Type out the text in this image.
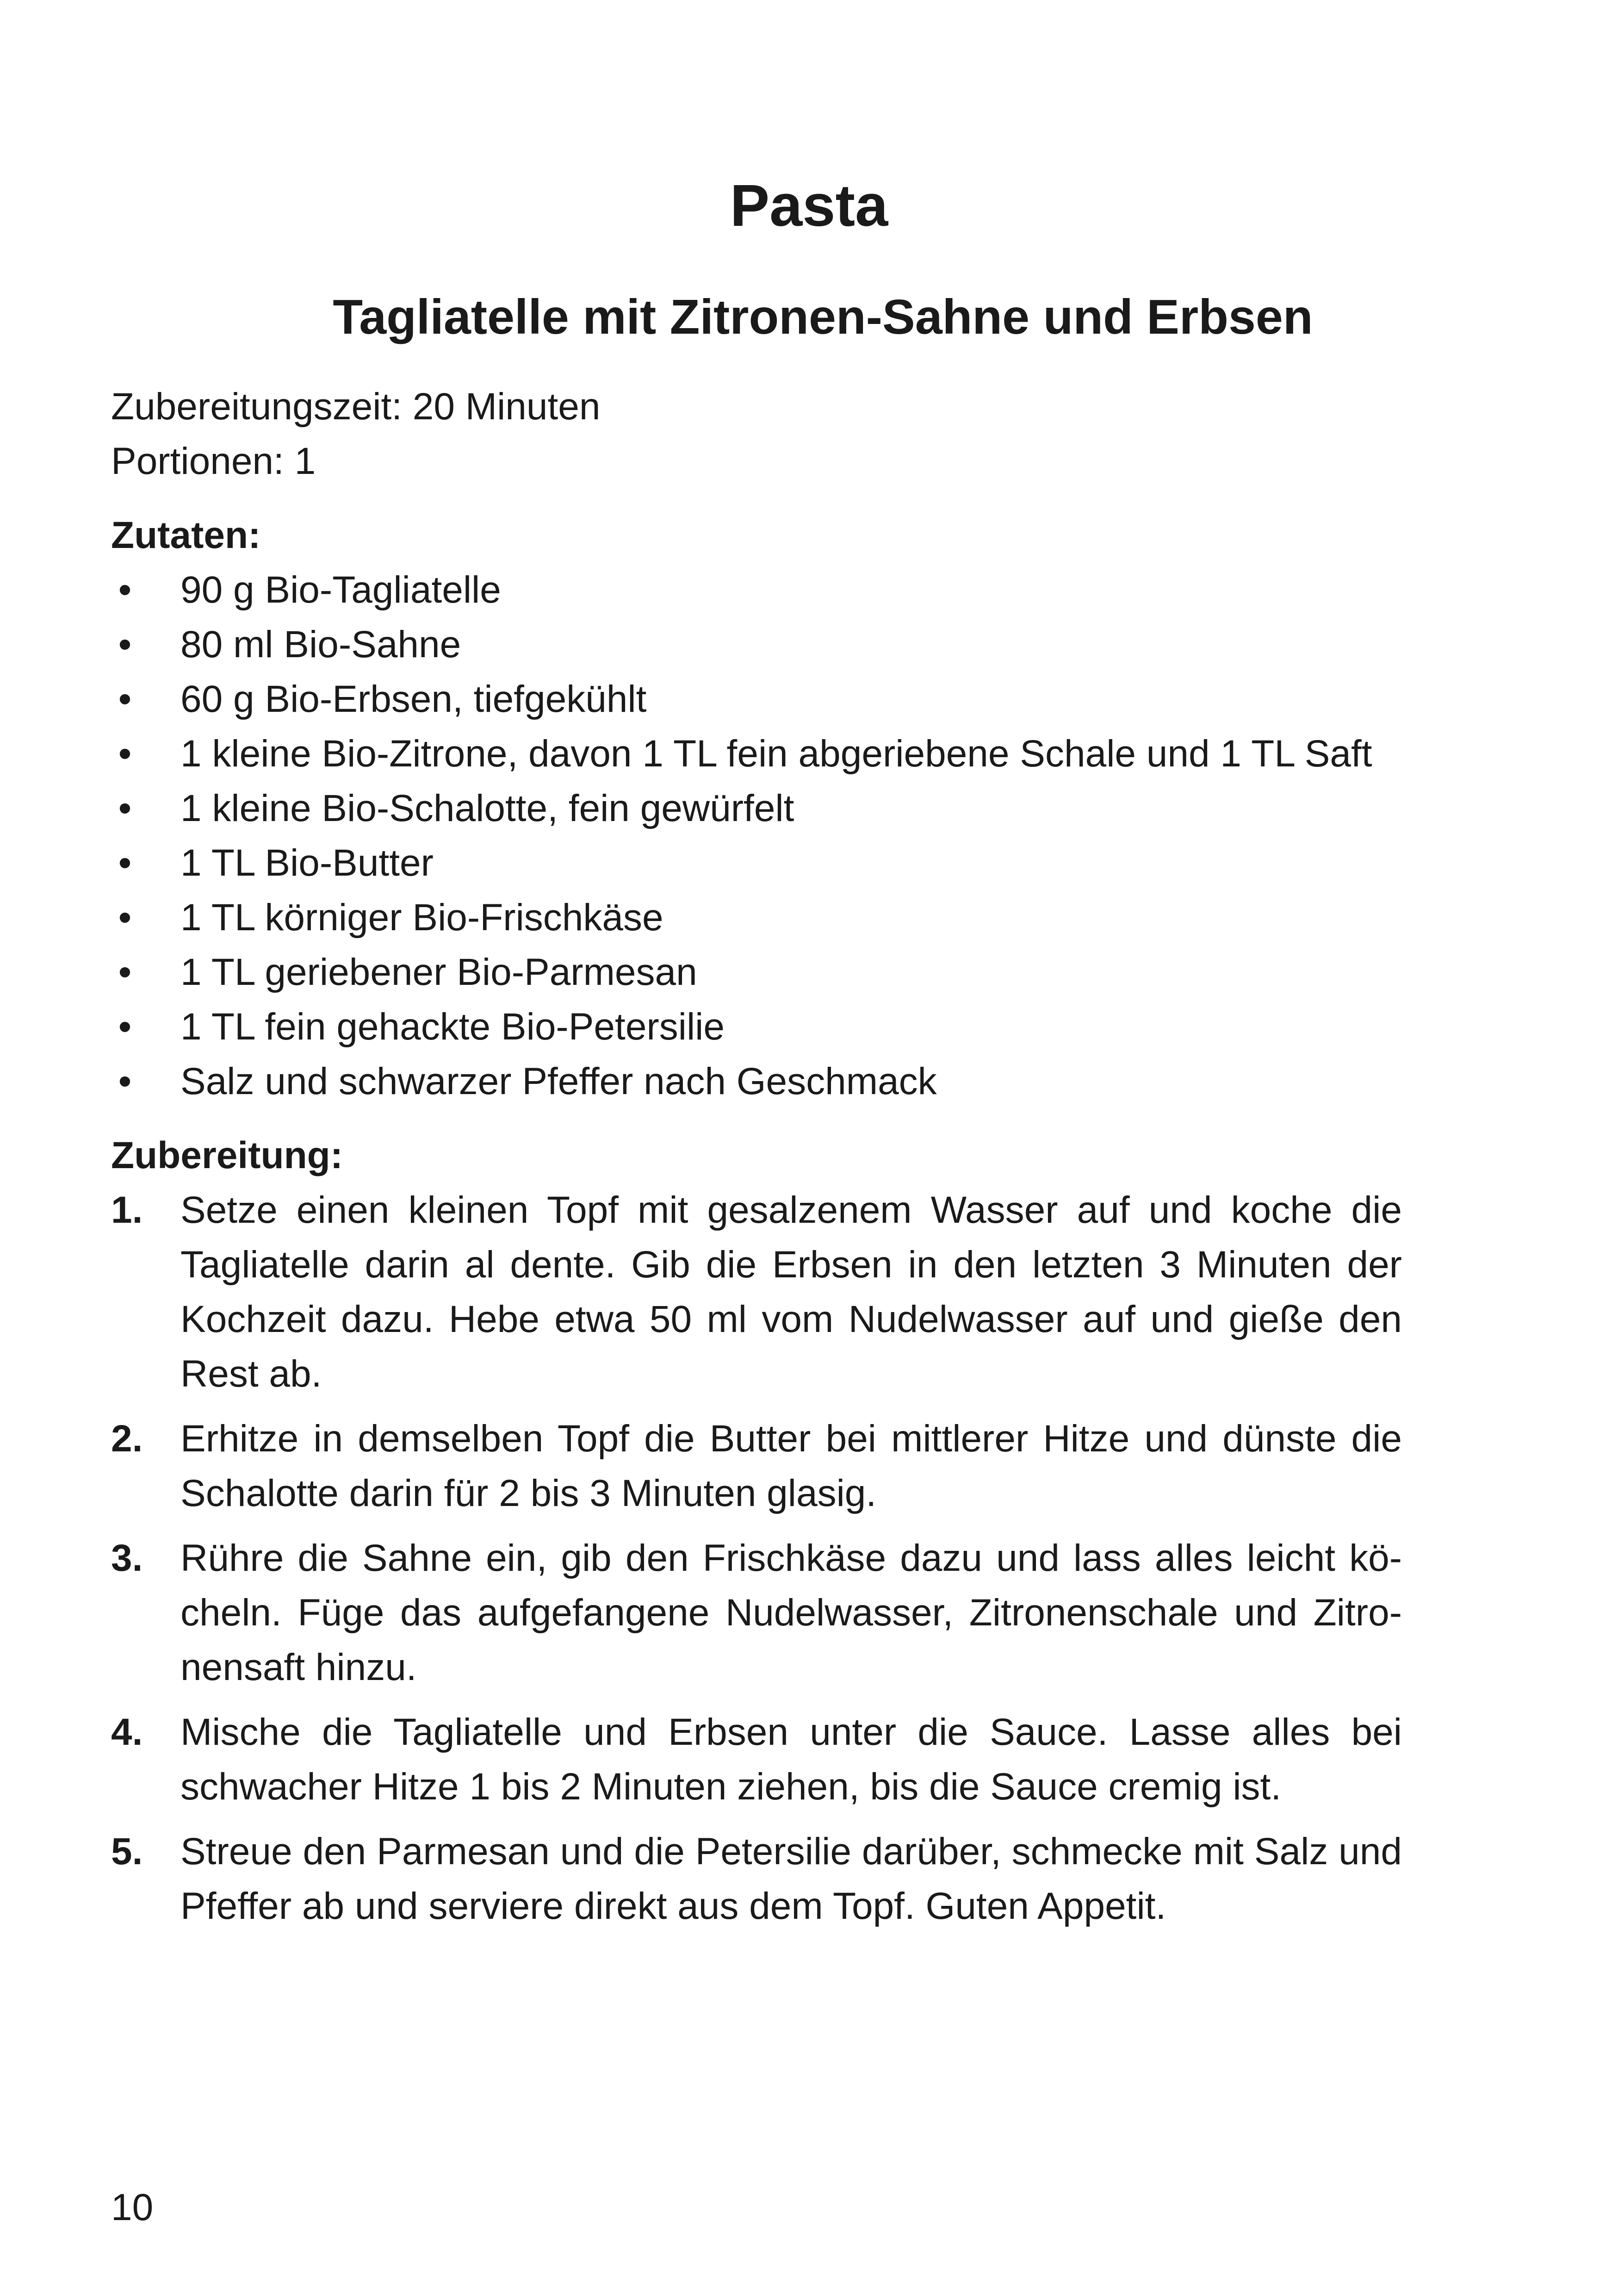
Pasta
Tagliatelle mit Zitronen-Sahne und Erbsen

Zubereitungszeit: 20 Minuten

Portionen: 1

Zutaten:

• 90 g Bio-Tagliatelle
• 80 ml Bio-Sahne
• 60 g Bio-Erbsen, tiefgekühlt
• 1 kleine Bio-Zitrone, davon 1 TL fein abgeriebene Schale und 1 TL Saft
• 1 kleine Bio-Schalotte, fein gewürfelt
• 1 TL Bio-Butter
• 1 TL körniger Bio-Frischkäse
• 1 TL geriebener Bio-Parmesan
• 1 TL fein gehackte Bio-Petersilie
• Salz und schwarzer Pfeffer nach Geschmack

Zubereitung:

1. Setze einen kleinen Topf mit gesalzenem Wasser auf und koche die Tagliatelle darin al dente. Gib die Erbsen in den letzten 3 Minuten der Kochzeit dazu. Hebe etwa 50 ml vom Nudelwasser auf und gieße den Rest ab.
2. Erhitze in demselben Topf die Butter bei mittlerer Hitze und dünste die Schalotte darin für 2 bis 3 Minuten glasig.
3. Rühre die Sahne ein, gib den Frischkäse dazu und lass alles leicht köcheln. Füge das aufgefangene Nudelwasser, Zitronenschale und Zitronensaft hinzu.
4. Mische die Tagliatelle und Erbsen unter die Sauce. Lasse alles bei schwacher Hitze 1 bis 2 Minuten ziehen, bis die Sauce cremig ist.
5. Streue den Parmesan und die Petersilie darüber, schmecke mit Salz und Pfeffer ab und serviere direkt aus dem Topf. Guten Appetit.
10
